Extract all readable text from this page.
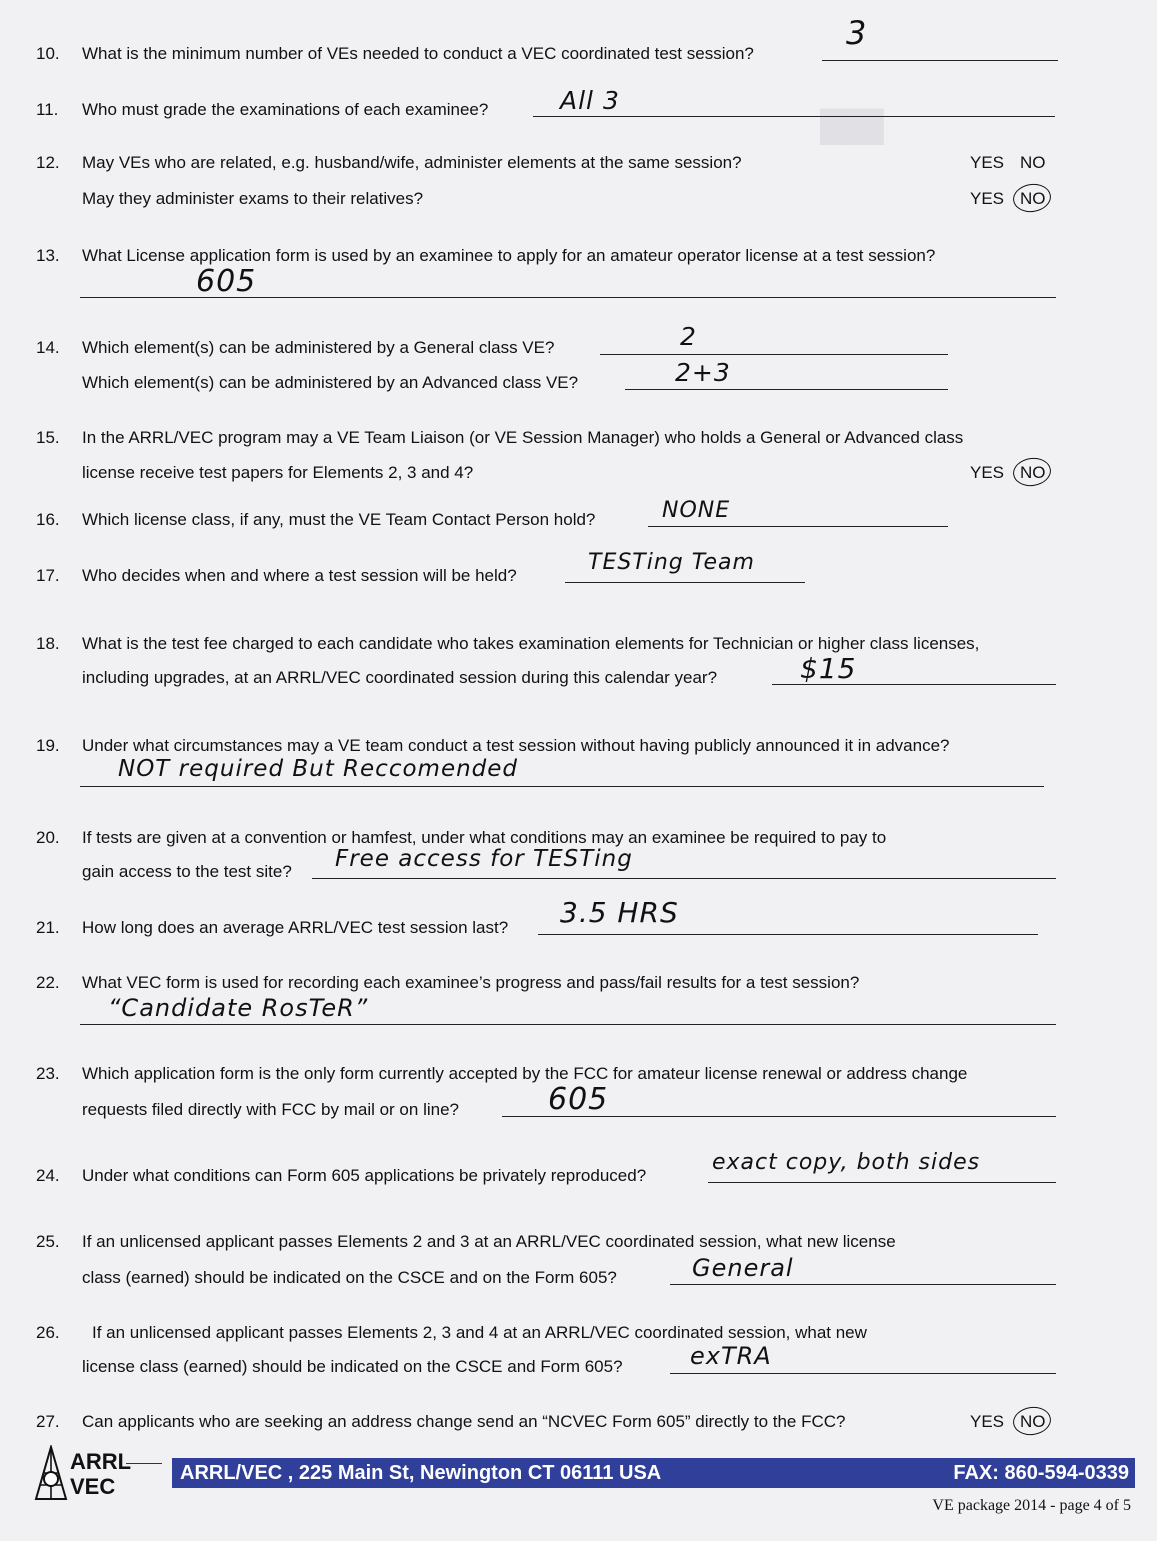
███
10. What is the minimum number of VEs needed to conduct a VEC coordinated test session?
3
11. Who must grade the examinations of each examinee?	All 3
12. May VEs who are related, e.g. husband/wife, administer elements at the same session?	YES NO
May they administer exams to their relatives?	YES NO
13. What License application form is used by an examinee to apply for an amateur operator license at a test session?
605
14. Which element(s) can be administered by a General class VE?	2
Which element(s) can be administered by an Advanced class VE?	2+3
15. In the ARRL/VEC program may a VE Team Liaison (or VE Session Manager) who holds a General or Advanced class
license receive test papers for Elements 2, 3 and 4?	YES NO
16. Which license class, if any, must the VE Team Contact Person hold?	NONE
17. Who decides when and where a test session will be held?
TESTing Team
18. What is the test fee charged to each candidate who takes examination elements for Technician or higher class licenses,
including upgrades, at an ARRL/VEC coordinated session during this calendar year?	$15
19. Under what circumstances may a VE team conduct a test session without having publicly announced it in advance?
NOT required But Reccomended
20. If tests are given at a convention or hamfest, under what conditions may an examinee be required to pay to
gain access to the test site? Free access for TESTing
21. How long does an average ARRL/VEC test session last? 3.5 HRS
22. What VEC form is used for recording each examinee’s progress and pass/fail results for a test session?
“Candidate RosTeR”
23. Which application form is the only form currently accepted by the FCC for amateur license renewal or address change
requests filed directly with FCC by mail or on line?	605
24. Under what conditions can Form 605 applications be privately reproduced?
exact copy, both sides
25. If an unlicensed applicant passes Elements 2 and 3 at an ARRL/VEC coordinated session, what new license
class (earned) should be indicated on the CSCE and on the Form 605?	General
26. If an unlicensed applicant passes Elements 2, 3 and 4 at an ARRL/VEC coordinated session, what new
license class (earned) should be indicated on the CSCE and Form 605?	exTRA
27. Can applicants who are seeking an address change send an “NCVEC Form 605” directly to the FCC?	YES NO
ARRL
VEC
ARRL/VEC , 225 Main St, Newington CT 06111 USA	FAX: 860-594-0339
VE package 2014 - page 4 of 5
